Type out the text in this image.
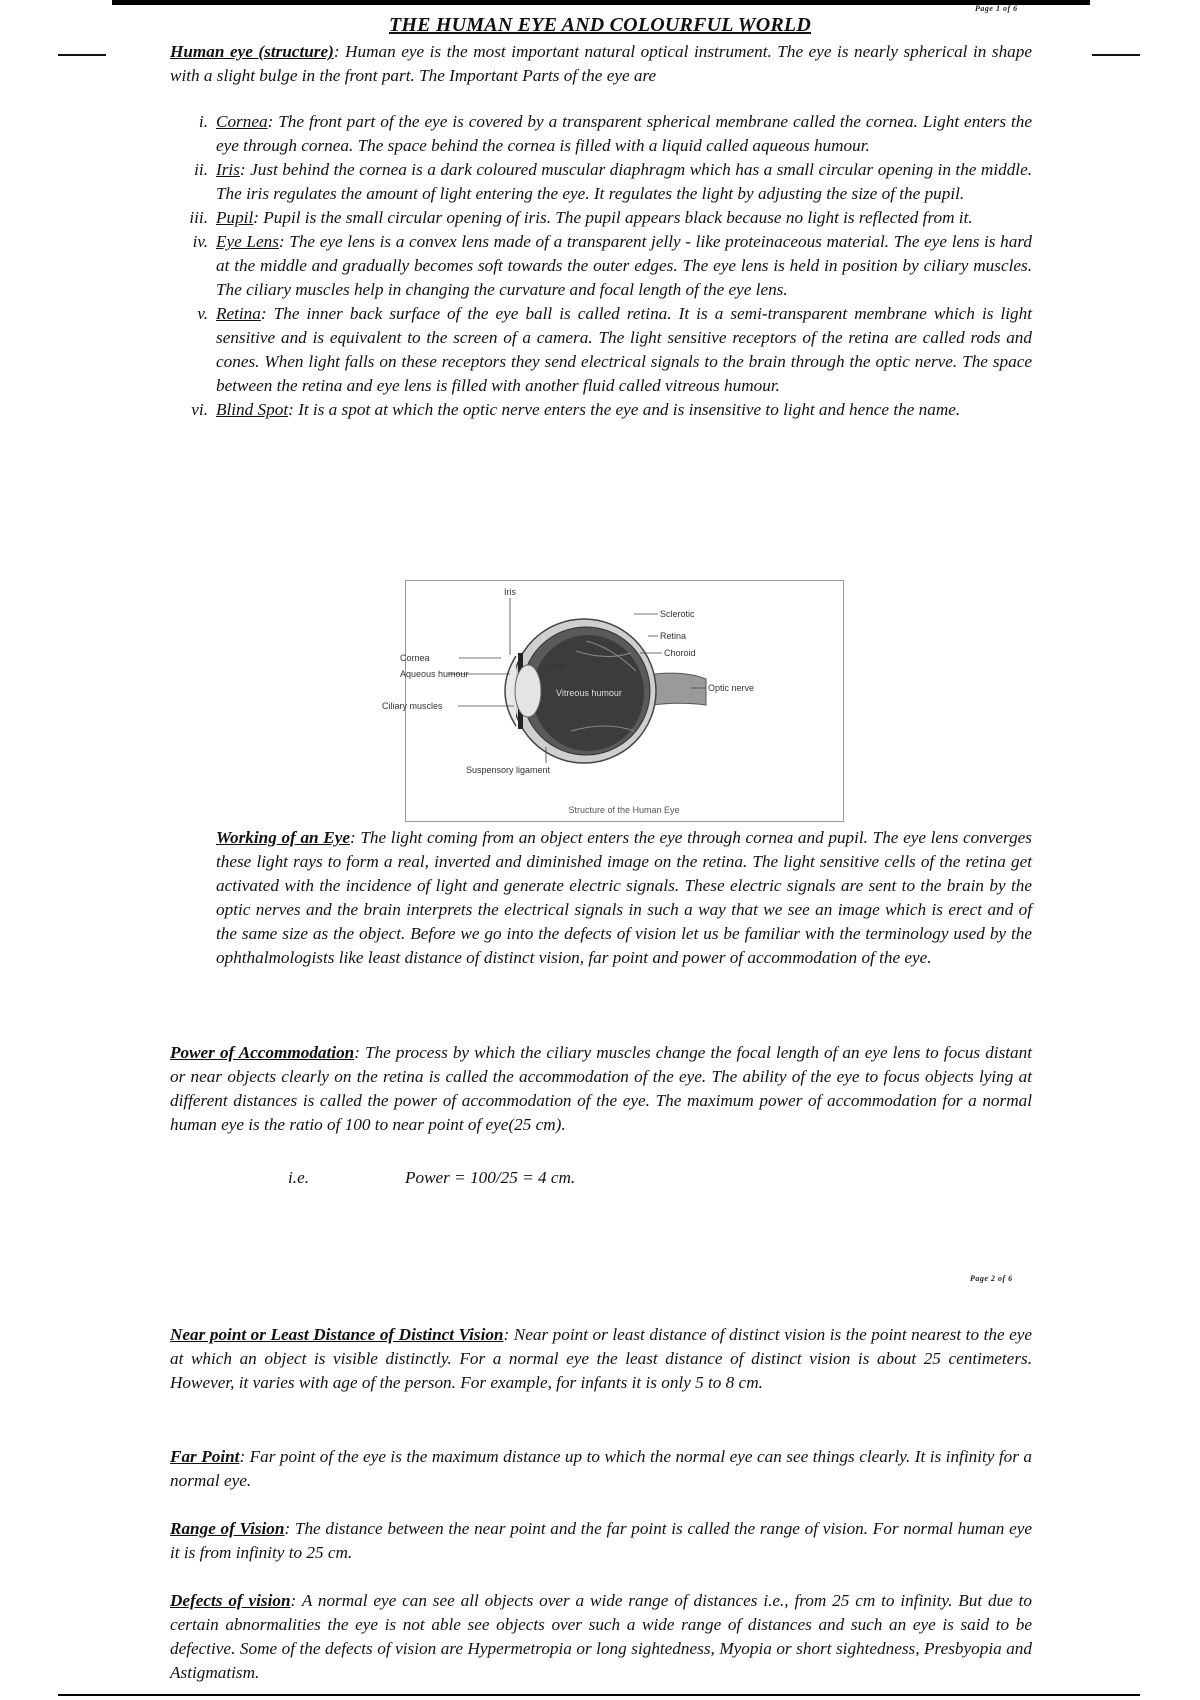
Page 1 of 6
THE HUMAN EYE AND COLOURFUL WORLD
Human eye (structure): Human eye is the most important natural optical instrument. The eye is nearly spherical in shape with a slight bulge in the front part. The Important Parts of the eye are
i. Cornea: The front part of the eye is covered by a transparent spherical membrane called the cornea. Light enters the eye through cornea. The space behind the cornea is filled with a liquid called aqueous humour.
ii. Iris: Just behind the cornea is a dark coloured muscular diaphragm which has a small circular opening in the middle. The iris regulates the amount of light entering the eye. It regulates the light by adjusting the size of the pupil.
iii. Pupil: Pupil is the small circular opening of iris. The pupil appears black because no light is reflected from it.
iv. Eye Lens: The eye lens is a convex lens made of a transparent jelly - like proteinaceous material. The eye lens is hard at the middle and gradually becomes soft towards the outer edges. The eye lens is held in position by ciliary muscles. The ciliary muscles help in changing the curvature and focal length of the eye lens.
v. Retina: The inner back surface of the eye ball is called retina. It is a semi-transparent membrane which is light sensitive and is equivalent to the screen of a camera. The light sensitive receptors of the retina are called rods and cones. When light falls on these receptors they send electrical signals to the brain through the optic nerve. The space between the retina and eye lens is filled with another fluid called vitreous humour.
vi. Blind Spot: It is a spot at which the optic nerve enters the eye and is insensitive to light and hence the name.
Iris
Sclerotic
Retina
Choroid
Cornea
Aqueous humour
Ciliary muscles
Lens
Vitreous humour	Optic nerve
Suspensory ligament
Structure of the Human Eye
Working of an Eye: The light coming from an object enters the eye through cornea and pupil. The eye lens converges these light rays to form a real, inverted and diminished image on the retina. The light sensitive cells of the retina get activated with the incidence of light and generate electric signals. These electric signals are sent to the brain by the optic nerves and the brain interprets the electrical signals in such a way that we see an image which is erect and of the same size as the object. Before we go into the defects of vision let us be familiar with the terminology used by the ophthalmologists like least distance of distinct vision, far point and power of accommodation of the eye.
Power of Accommodation: The process by which the ciliary muscles change the focal length of an eye lens to focus distant or near objects clearly on the retina is called the accommodation of the eye. The ability of the eye to focus objects lying at different distances is called the power of accommodation of the eye. The maximum power of accommodation for a normal human eye is the ratio of 100 to near point of eye(25 cm).
i.e.	Power = 100/25 = 4 cm.
Page 2 of 6
Near point or Least Distance of Distinct Vision: Near point or least distance of distinct vision is the point nearest to the eye at which an object is visible distinctly. For a normal eye the least distance of distinct vision is about 25 centimeters. However, it varies with age of the person. For example, for infants it is only 5 to 8 cm.
Far Point: Far point of the eye is the maximum distance up to which the normal eye can see things clearly. It is infinity for a normal eye.
Range of Vision: The distance between the near point and the far point is called the range of vision. For normal human eye it is from infinity to 25 cm.
Defects of vision: A normal eye can see all objects over a wide range of distances i.e., from 25 cm to infinity. But due to certain abnormalities the eye is not able see objects over such a wide range of distances and such an eye is said to be defective. Some of the defects of vision are Hypermetropia or long sightedness, Myopia or short sightedness, Presbyopia and Astigmatism.
